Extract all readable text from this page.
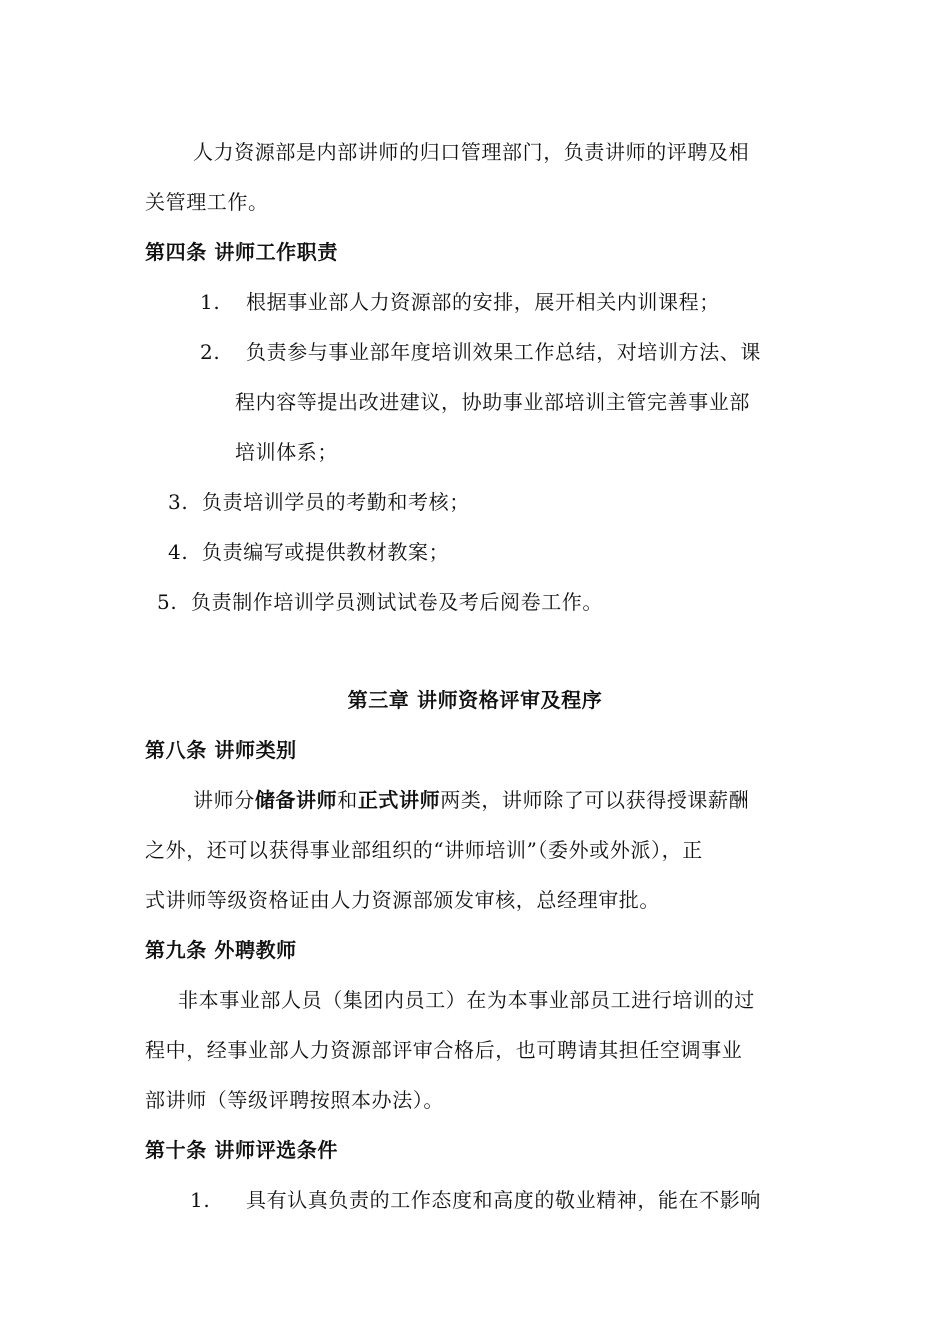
人力资源部是内部讲师的归口管理部门，负责讲师的评聘及相
关管理工作。
第四条 讲师工作职责
1. 根据事业部人力资源部的安排，展开相关内训课程；
2. 负责参与事业部年度培训效果工作总结，对培训方法、课
程内容等提出改进建议，协助事业部培训主管完善事业部
培训体系；
3. 负责培训学员的考勤和考核；
4. 负责编写或提供教材教案；
5. 负责制作培训学员测试试卷及考后阅卷工作。
第三章 讲师资格评审及程序
第八条 讲师类别
讲师分储备讲师和正式讲师两类，讲师除了可以获得授课薪酬
之外，还可以获得事业部组织的“讲师培训”（委外或外派），正
式讲师等级资格证由人力资源部颁发审核，总经理审批。
第九条 外聘教师
非本事业部人员（集团内员工）在为本事业部员工进行培训的过
程中，经事业部人力资源部评审合格后，也可聘请其担任空调事业
部讲师（等级评聘按照本办法）。
第十条 讲师评选条件
1. 具有认真负责的工作态度和高度的敬业精神，能在不影响
